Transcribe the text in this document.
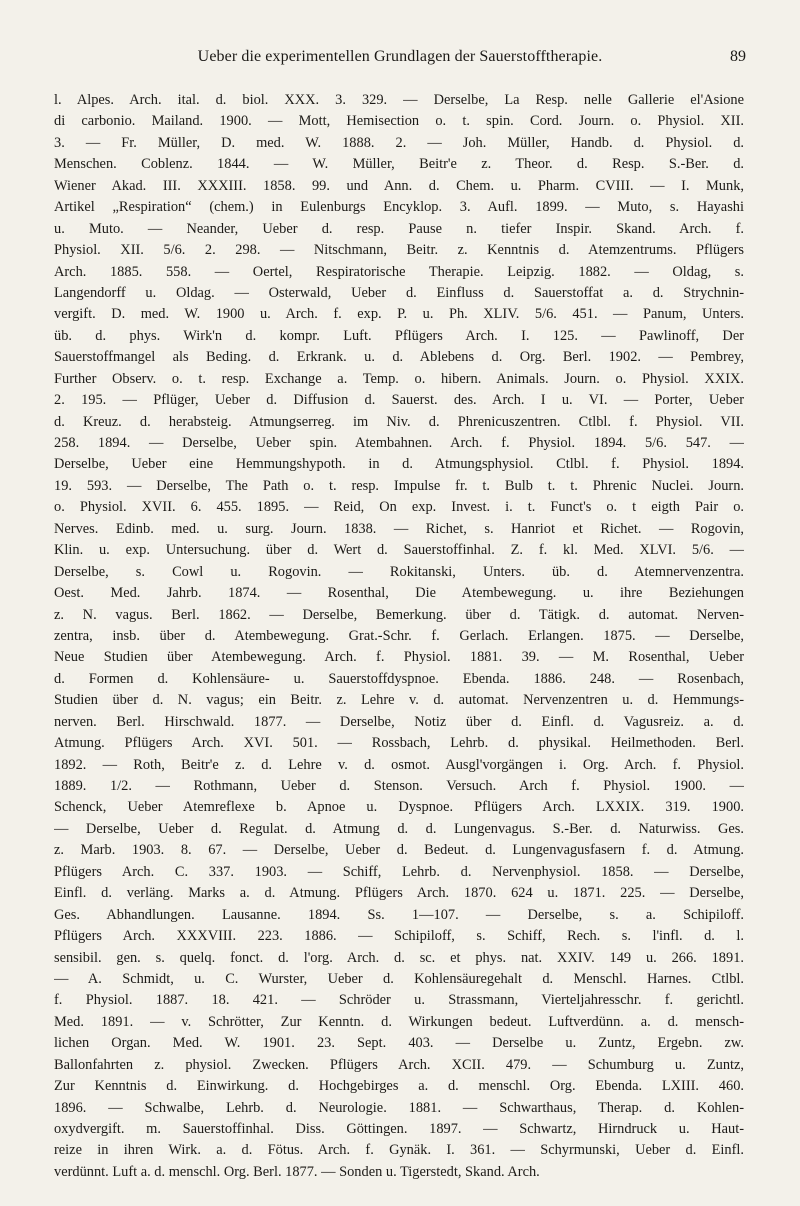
Ueber die experimentellen Grundlagen der Sauerstofftherapie.	89
l. Alpes. Arch. ital. d. biol. XXX. 3. 329. — Derselbe, La Resp. nelle Gallerie el'Asione
di carbonio. Mailand. 1900. — Mott, Hemisection o. t. spin. Cord. Journ. o. Physiol. XII.
3. — Fr. Müller, D. med. W. 1888. 2. — Joh. Müller, Handb. d. Physiol. d.
Menschen. Coblenz. 1844. — W. Müller, Beitr'e z. Theor. d. Resp. S.-Ber. d.
Wiener Akad. III. XXXIII. 1858. 99. und Ann. d. Chem. u. Pharm. CVIII. — I. Munk,
Artikel „Respiration“ (chem.) in Eulenburgs Encyklop. 3. Aufl. 1899. — Muto, s. Hayashi
u. Muto. — Neander, Ueber d. resp. Pause n. tiefer Inspir. Skand. Arch. f.
Physiol. XII. 5/6. 2. 298. — Nitschmann, Beitr. z. Kenntnis d. Atemzentrums. Pflügers
Arch. 1885. 558. — Oertel, Respiratorische Therapie. Leipzig. 1882. — Oldag, s.
Langendorff u. Oldag. — Osterwald, Ueber d. Einfluss d. Sauerstoffat a. d. Strychnin-
vergift. D. med. W. 1900 u. Arch. f. exp. P. u. Ph. XLIV. 5/6. 451. — Panum, Unters.
üb. d. phys. Wirk'n d. kompr. Luft. Pflügers Arch. I. 125. — Pawlinoff, Der
Sauerstoffmangel als Beding. d. Erkrank. u. d. Ablebens d. Org. Berl. 1902. — Pembrey,
Further Observ. o. t. resp. Exchange a. Temp. o. hibern. Animals. Journ. o. Physiol. XXIX.
2. 195. — Pflüger, Ueber d. Diffusion d. Sauerst. des. Arch. I u. VI. — Porter, Ueber
d. Kreuz. d. herabsteig. Atmungserreg. im Niv. d. Phrenicuszentren. Ctlbl. f. Physiol. VII.
258. 1894. — Derselbe, Ueber spin. Atembahnen. Arch. f. Physiol. 1894. 5/6. 547. —
Derselbe, Ueber eine Hemmungshypoth. in d. Atmungsphysiol. Ctlbl. f. Physiol. 1894.
19. 593. — Derselbe, The Path o. t. resp. Impulse fr. t. Bulb t. t. Phrenic Nuclei. Journ.
o. Physiol. XVII. 6. 455. 1895. — Reid, On exp. Invest. i. t. Funct's o. t eigth Pair o.
Nerves. Edinb. med. u. surg. Journ. 1838. — Richet, s. Hanriot et Richet. — Rogovin,
Klin. u. exp. Untersuchung. über d. Wert d. Sauerstoffinhal. Z. f. kl. Med. XLVI. 5/6. —
Derselbe, s. Cowl u. Rogovin. — Rokitanski, Unters. üb. d. Atemnervenzentra.
Oest. Med. Jahrb. 1874. — Rosenthal, Die Atembewegung. u. ihre Beziehungen
z. N. vagus. Berl. 1862. — Derselbe, Bemerkung. über d. Tätigk. d. automat. Nerven-
zentra, insb. über d. Atembewegung. Grat.-Schr. f. Gerlach. Erlangen. 1875. — Derselbe,
Neue Studien über Atembewegung. Arch. f. Physiol. 1881. 39. — M. Rosenthal, Ueber
d. Formen d. Kohlensäure- u. Sauerstoffdyspnoe. Ebenda. 1886. 248. — Rosenbach,
Studien über d. N. vagus; ein Beitr. z. Lehre v. d. automat. Nervenzentren u. d. Hemmungs-
nerven. Berl. Hirschwald. 1877. — Derselbe, Notiz über d. Einfl. d. Vagusreiz. a. d.
Atmung. Pflügers Arch. XVI. 501. — Rossbach, Lehrb. d. physikal. Heilmethoden. Berl.
1892. — Roth, Beitr'e z. d. Lehre v. d. osmot. Ausgl'vorgängen i. Org. Arch. f. Physiol.
1889. 1/2. — Rothmann, Ueber d. Stenson. Versuch. Arch f. Physiol. 1900. —
Schenck, Ueber Atemreflexe b. Apnoe u. Dyspnoe. Pflügers Arch. LXXIX. 319. 1900.
— Derselbe, Ueber d. Regulat. d. Atmung d. d. Lungenvagus. S.-Ber. d. Naturwiss. Ges.
z. Marb. 1903. 8. 67. — Derselbe, Ueber d. Bedeut. d. Lungenvagusfasern f. d. Atmung.
Pflügers Arch. C. 337. 1903. — Schiff, Lehrb. d. Nervenphysiol. 1858. — Derselbe,
Einfl. d. verläng. Marks a. d. Atmung. Pflügers Arch. 1870. 624 u. 1871. 225. — Derselbe,
Ges. Abhandlungen. Lausanne. 1894. Ss. 1—107. — Derselbe, s. a. Schipiloff.
Pflügers Arch. XXXVIII. 223. 1886. — Schipiloff, s. Schiff, Rech. s. l'infl. d. l.
sensibil. gen. s. quelq. fonct. d. l'org. Arch. d. sc. et phys. nat. XXIV. 149 u. 266. 1891.
— A. Schmidt, u. C. Wurster, Ueber d. Kohlensäuregehalt d. Menschl. Harnes. Ctlbl.
f. Physiol. 1887. 18. 421. — Schröder u. Strassmann, Vierteljahresschr. f. gerichtl.
Med. 1891. — v. Schrötter, Zur Kenntn. d. Wirkungen bedeut. Luftverdünn. a. d. mensch-
lichen Organ. Med. W. 1901. 23. Sept. 403. — Derselbe u. Zuntz, Ergebn. zw.
Ballonfahrten z. physiol. Zwecken. Pflügers Arch. XCII. 479. — Schumburg u. Zuntz,
Zur Kenntnis d. Einwirkung. d. Hochgebirges a. d. menschl. Org. Ebenda. LXIII. 460.
1896. — Schwalbe, Lehrb. d. Neurologie. 1881. — Schwarthaus, Therap. d. Kohlen-
oxydvergift. m. Sauerstoffinhal. Diss. Göttingen. 1897. — Schwartz, Hirndruck u. Haut-
reize in ihren Wirk. a. d. Fötus. Arch. f. Gynäk. I. 361. — Schyrmunski, Ueber d. Einfl.
verdünnt. Luft a. d. menschl. Org. Berl. 1877. — Sonden u. Tigerstedt, Skand. Arch.
